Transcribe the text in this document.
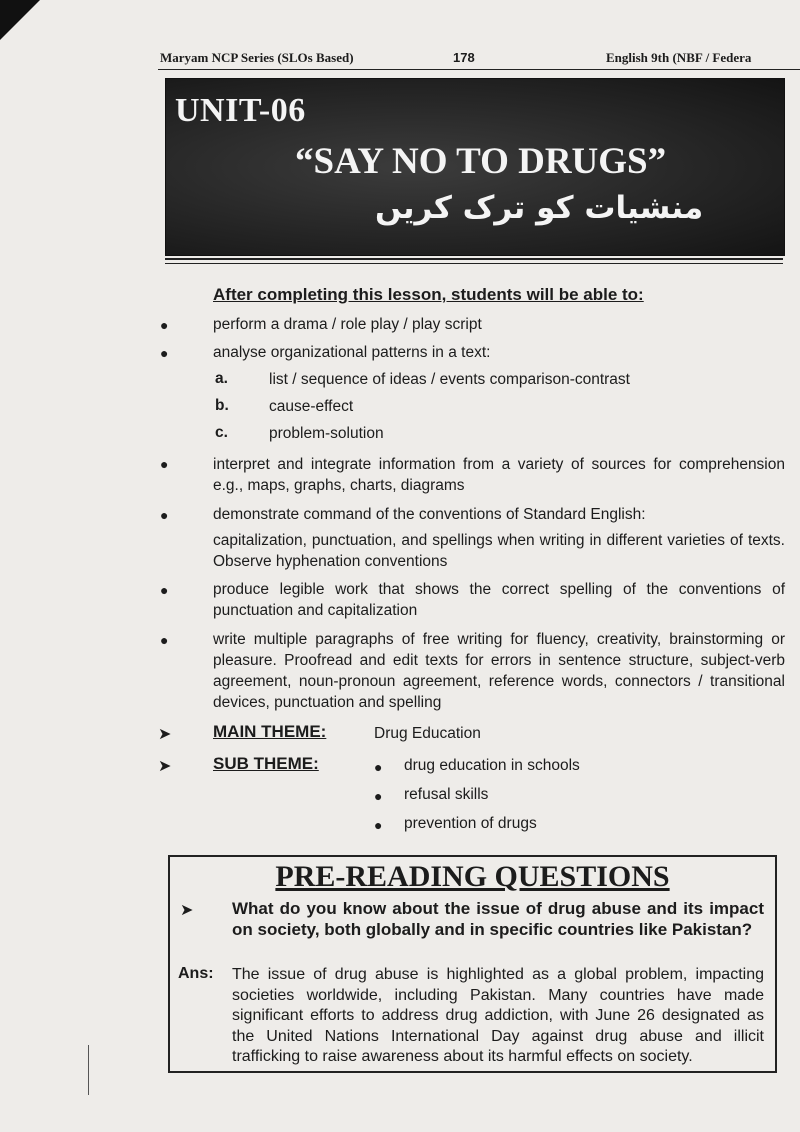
Maryam NCP Series (SLOs Based)	178	English 9th (NBF / Federa
UNIT-06
“SAY NO TO DRUGS”
منشیات کو ترک کریں
After completing this lesson, students will be able to:
●	perform a drama / role play / play script
●	analyse organizational patterns in a text:
a.	list / sequence of ideas / events comparison-contrast
b.	cause-effect
c.	problem-solution
●	interpret and integrate information from a variety of sources for comprehension e.g., maps, graphs, charts, diagrams
●	demonstrate command of the conventions of Standard English:
capitalization, punctuation, and spellings when writing in different varieties of texts. Observe hyphenation conventions
●	produce legible work that shows the correct spelling of the conventions of punctuation and capitalization
●	write multiple paragraphs of free writing for fluency, creativity, brainstorming or pleasure. Proofread and edit texts for errors in sentence structure, subject-verb agreement, noun-pronoun agreement, reference words, connectors / transitional devices, punctuation and spelling
➤ MAIN THEME:	Drug Education
➤ SUB THEME:	● drug education in schools
● refusal skills
● prevention of drugs
PRE-READING QUESTIONS
➤ What do you know about the issue of drug abuse and its impact on society, both globally and in specific countries like Pakistan?
Ans: The issue of drug abuse is highlighted as a global problem, impacting societies worldwide, including Pakistan. Many countries have made significant efforts to address drug addiction, with June 26 designated as the United Nations International Day against drug abuse and illicit trafficking to raise awareness about its harmful effects on society.
